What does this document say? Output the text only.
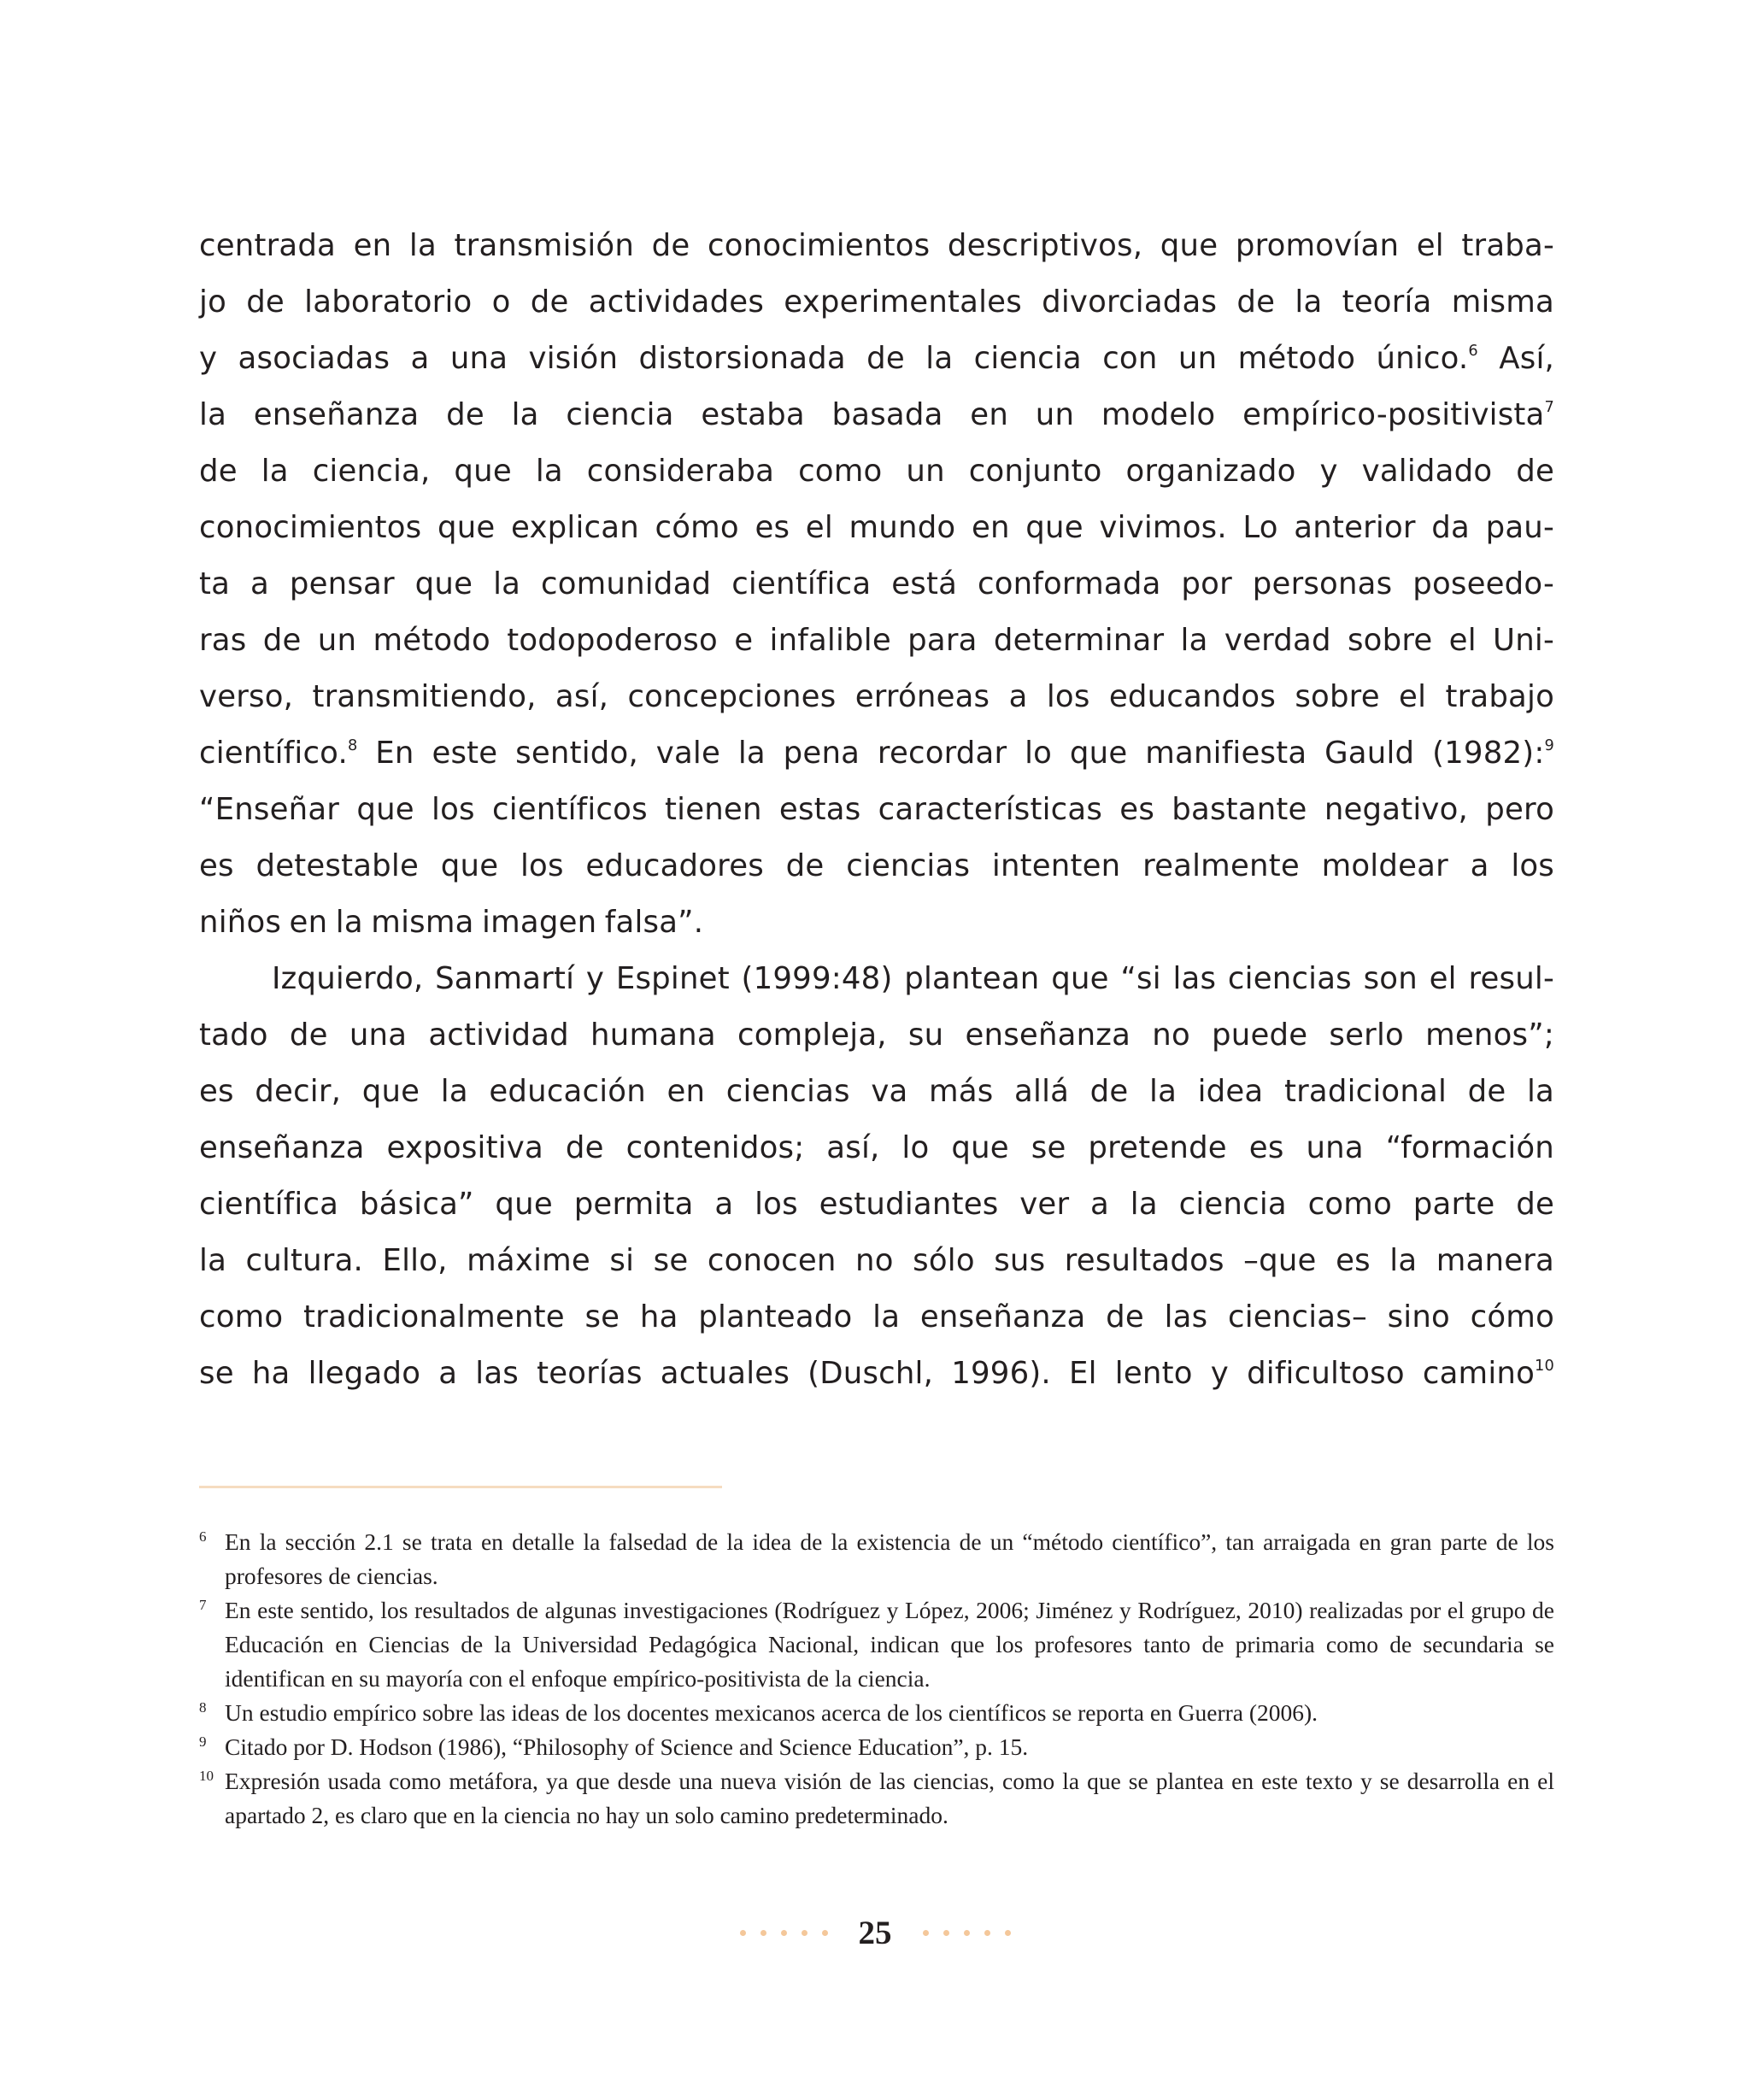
centrada en la transmisión de conocimientos descriptivos, que promovían el traba-
jo de laboratorio o de actividades experimentales divorciadas de la teoría misma
y asociadas a una visión distorsionada de la ciencia con un método único.$^6$ Así,
la enseñanza de la ciencia estaba basada en un modelo empírico-positivista$^7$
de la ciencia, que la consideraba como un conjunto organizado y validado de
conocimientos que explican cómo es el mundo en que vivimos. Lo anterior da pau-
ta a pensar que la comunidad científica está conformada por personas poseedo-
ras de un método todopoderoso e infalible para determinar la verdad sobre el Uni-
verso, transmitiendo, así, concepciones erróneas a los educandos sobre el trabajo
científico.$^8$ En este sentido, vale la pena recordar lo que manifiesta Gauld (1982):$^9$
“Enseñar que los científicos tienen estas características es bastante negativo, pero
es detestable que los educadores de ciencias intenten realmente moldear a los
niños en la misma imagen falsa”.
Izquierdo, Sanmartí y Espinet (1999:48) plantean que “si las ciencias son el resul-
tado de una actividad humana compleja, su enseñanza no puede serlo menos”;
es decir, que la educación en ciencias va más allá de la idea tradicional de la
enseñanza expositiva de contenidos; así, lo que se pretende es una “formación
científica básica” que permita a los estudiantes ver a la ciencia como parte de
la cultura. Ello, máxime si se conocen no sólo sus resultados –que es la manera
como tradicionalmente se ha planteado la enseñanza de las ciencias– sino cómo
se ha llegado a las teorías actuales (Duschl, 1996). El lento y dificultoso camino$^{10}$
6 En la sección 2.1 se trata en detalle la falsedad de la idea de la existencia de un “método científico”, tan arraigada en gran parte de los profesores de ciencias.
7 En este sentido, los resultados de algunas investigaciones (Rodríguez y López, 2006; Jiménez y Rodríguez, 2010) realizadas por el grupo de Educación en Ciencias de la Universidad Pedagógica Nacional, indican que los profesores tanto de primaria como de secundaria se identifican en su mayoría con el enfoque empírico-positivista de la ciencia.
8 Un estudio empírico sobre las ideas de los docentes mexicanos acerca de los científicos se reporta en Guerra (2006).
9 Citado por D. Hodson (1986), “Philosophy of Science and Science Education”, p. 15.
10 Expresión usada como metáfora, ya que desde una nueva visión de las ciencias, como la que se plantea en este texto y se desarrolla en el apartado 2, es claro que en la ciencia no hay un solo camino predeterminado.
25
